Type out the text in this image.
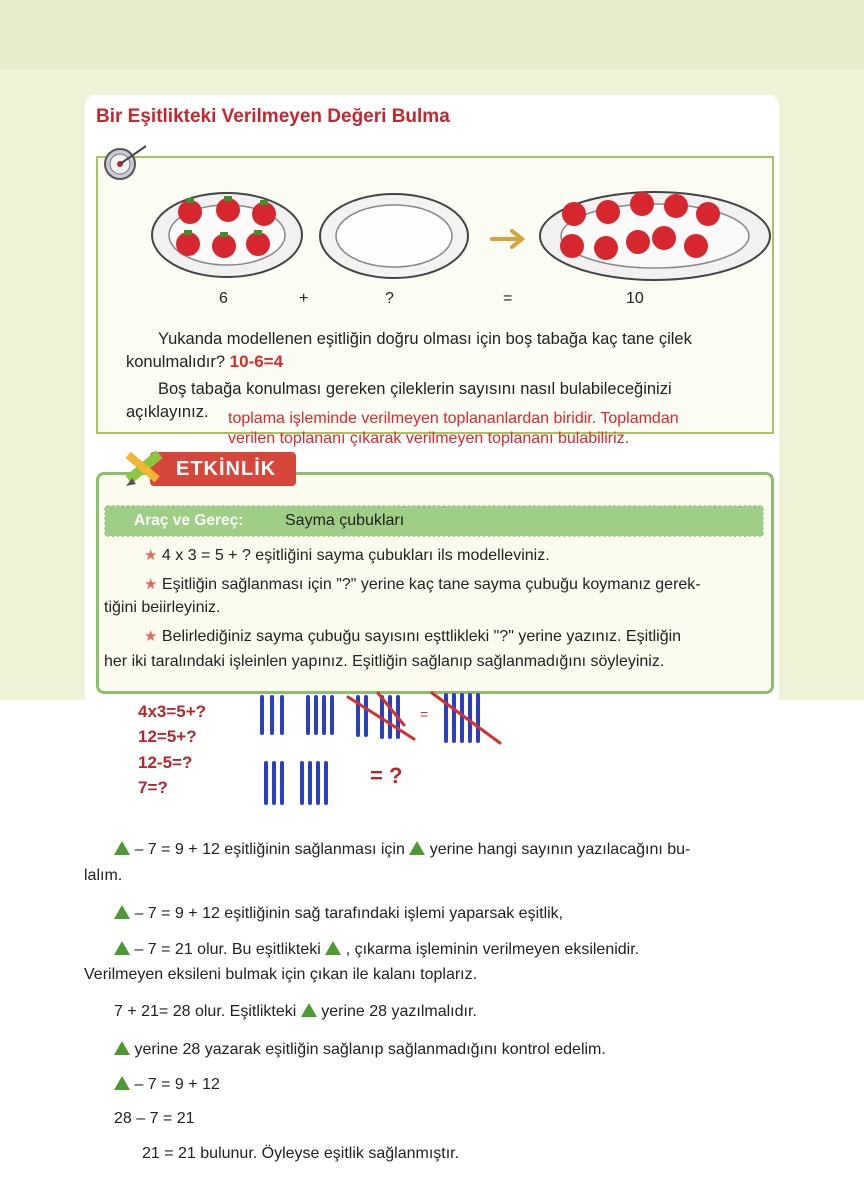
Bir Eşitlikteki Verilmeyen Değeri Bulma
6	+	?	=	10
Yukanda modellenen eşitliğin doğru olması için boş tabağa kaç tane çilek
konulmalıdır? 10-6=4
Boş tabağa konulması gereken çileklerin sayısını nasıl bulabileceğinizi
açıklayınız. toplama işleminde verilmeyen toplananlardan biridir. Toplamdan
verilen toplananı çıkarak verilmeyen toplananı bulabiliriz.
ETKİNLİK
Araç ve Gereç:	Sayma çubukları
★ 4 x 3 = 5 + ? eşitliğini sayma çubukları ils modelleviniz.
★ Eşitliğin sağlanması için "?" yerine kaç tane sayma çubuğu koymanız gerek-
tiğini beiirleyiniz.
★ Belirlediğiniz sayma çubuğu sayısını eşttlikleki "?" yerine yazınız. Eşitliğin
her iki taralındaki işleinlen yapınız. Eşitliğin sağlanıp sağlanmadığını söyleyiniz.
4x3=5+?
12=5+?
12-5=?
7=?
=
= ?
– 7 = 9 + 12 eşitliğinin sağlanması için yerine hangi sayının yazılacağını bu-
lalım.
– 7 = 9 + 12 eşitliğinin sağ tarafındaki işlemi yaparsak eşitlik,
– 7 = 21 olur. Bu eşitlikteki , çıkarma işleminin verilmeyen eksilenidir.
Verilmeyen eksileni bulmak için çıkan ile kalanı toplarız.
7 + 21= 28 olur. Eşitlikteki yerine 28 yazılmalıdır.
yerine 28 yazarak eşitliğin sağlanıp sağlanmadığını kontrol edelim.
– 7 = 9 + 12
28 – 7 = 21
21 = 21 bulunur. Öyleyse eşitlik sağlanmıştır.
